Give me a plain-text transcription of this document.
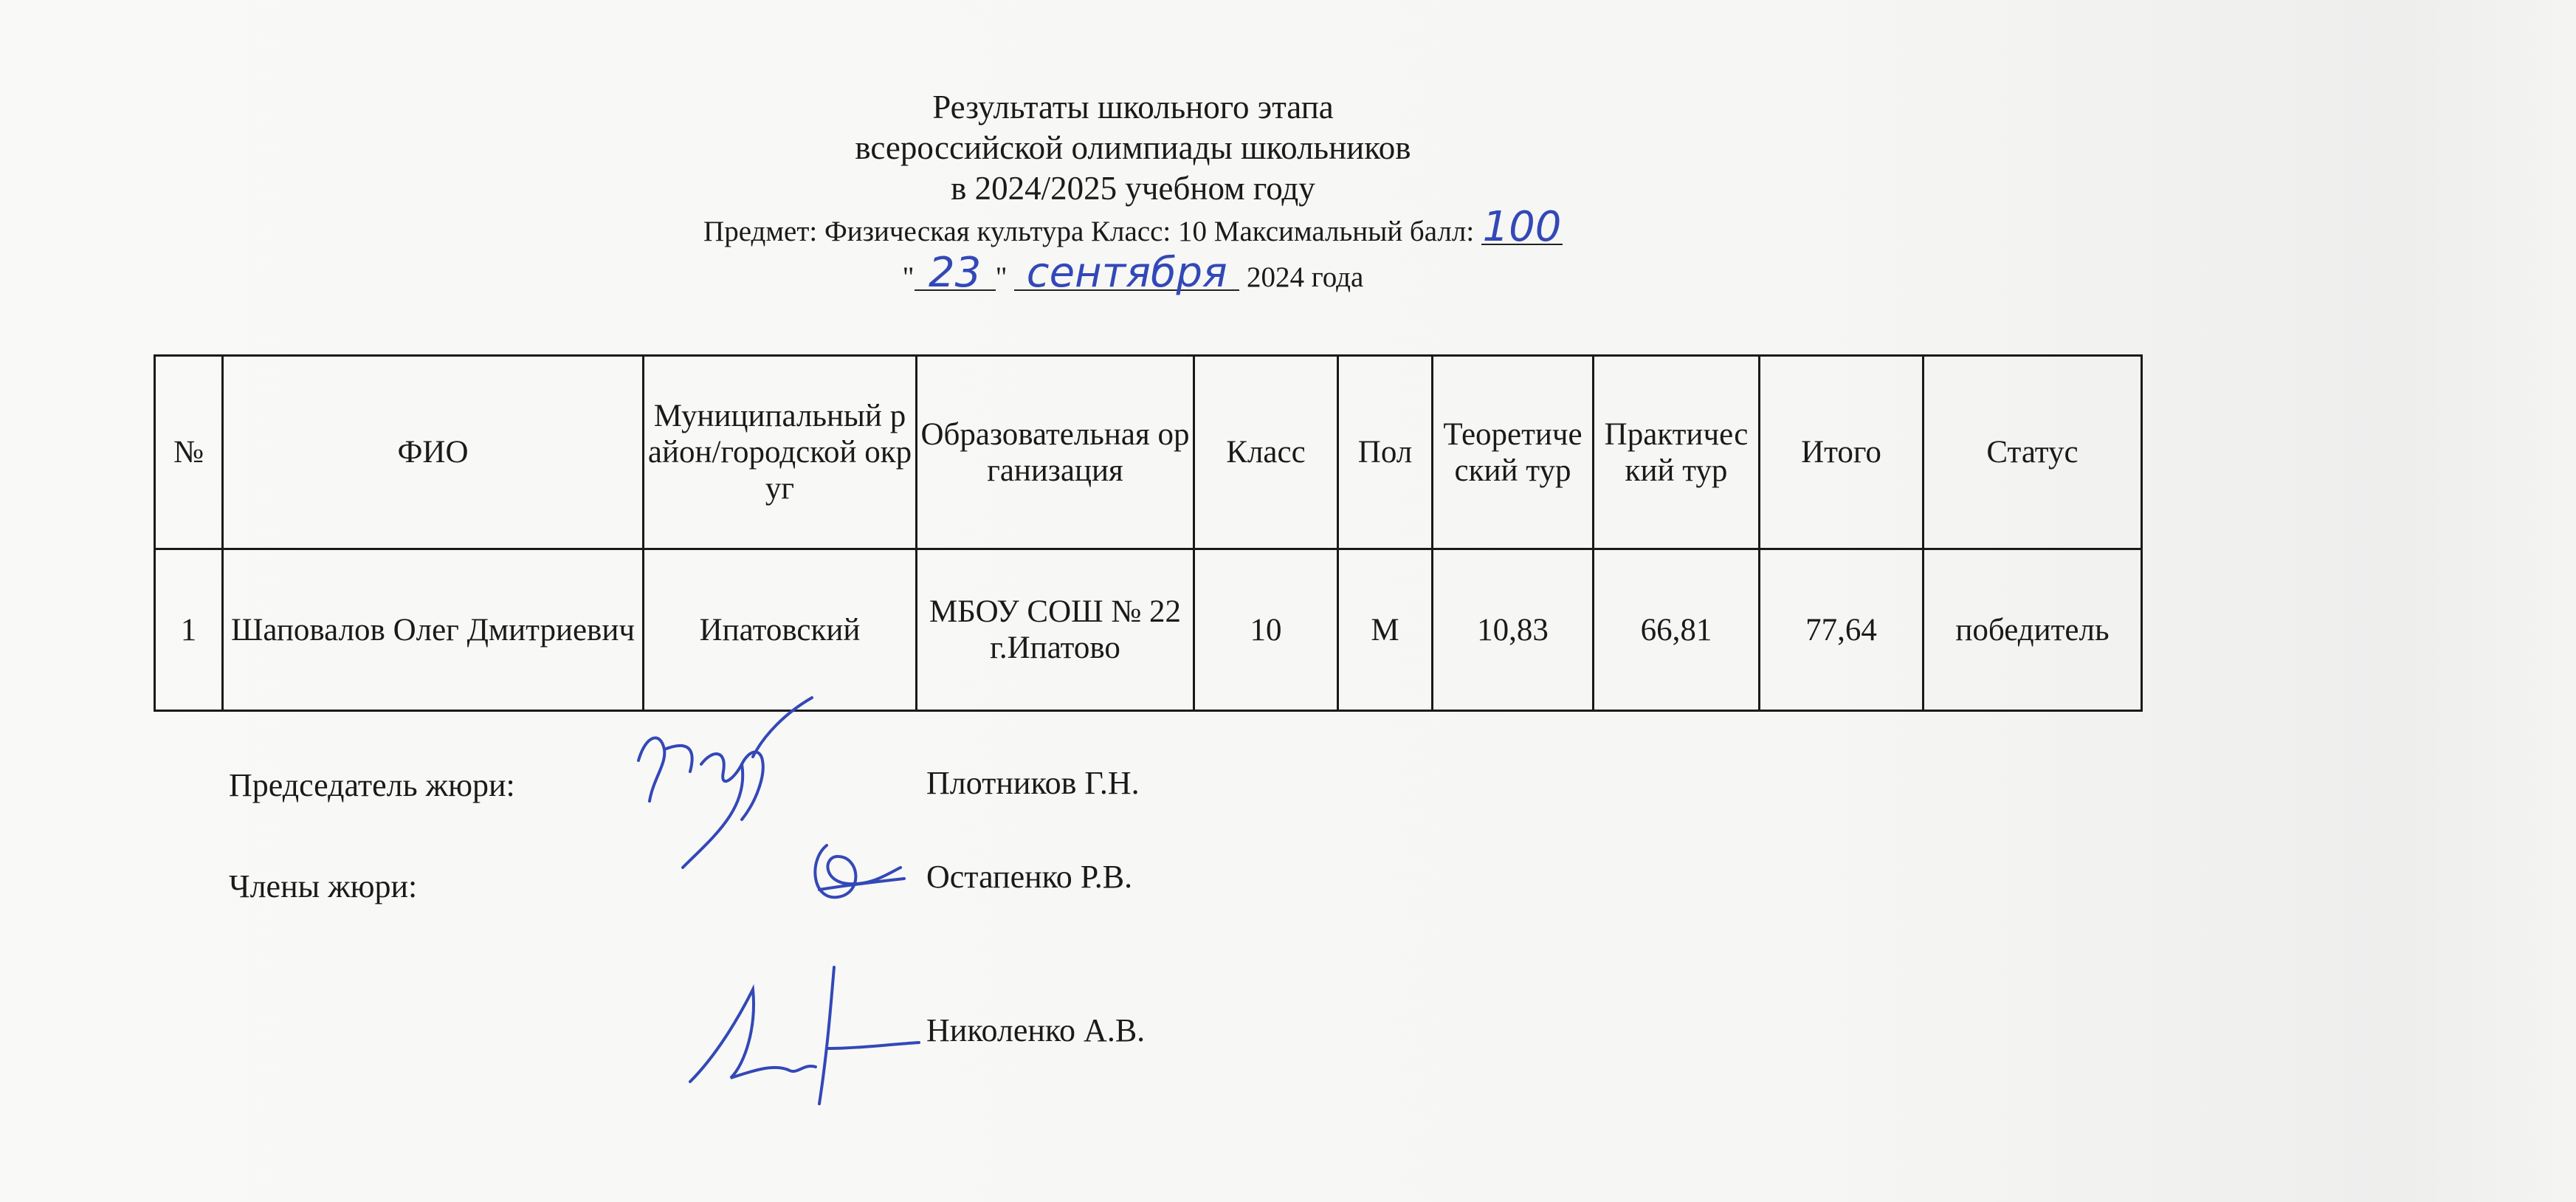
Результаты школьного этапа
всероссийской олимпиады школьников
в 2024/2025 учебном году
Предмет: Физическая культура Класс: 10 Максимальный балл: 100
" 23 " сентября 2024 года
№	ФИО	Муниципальный район/городской округ	Образовательная организация	Класс	Пол	Теоретический тур	Практический тур	Итого	Статус
1	Шаповалов Олег Дмитриевич	Ипатовский	МБОУ СОШ № 22 г.Ипатово	10	М	10,83	66,81	77,64	победитель
Председатель жюри:	Плотников Г.Н.
Члены жюри:	Остапенко Р.В.
Николенко А.В.
